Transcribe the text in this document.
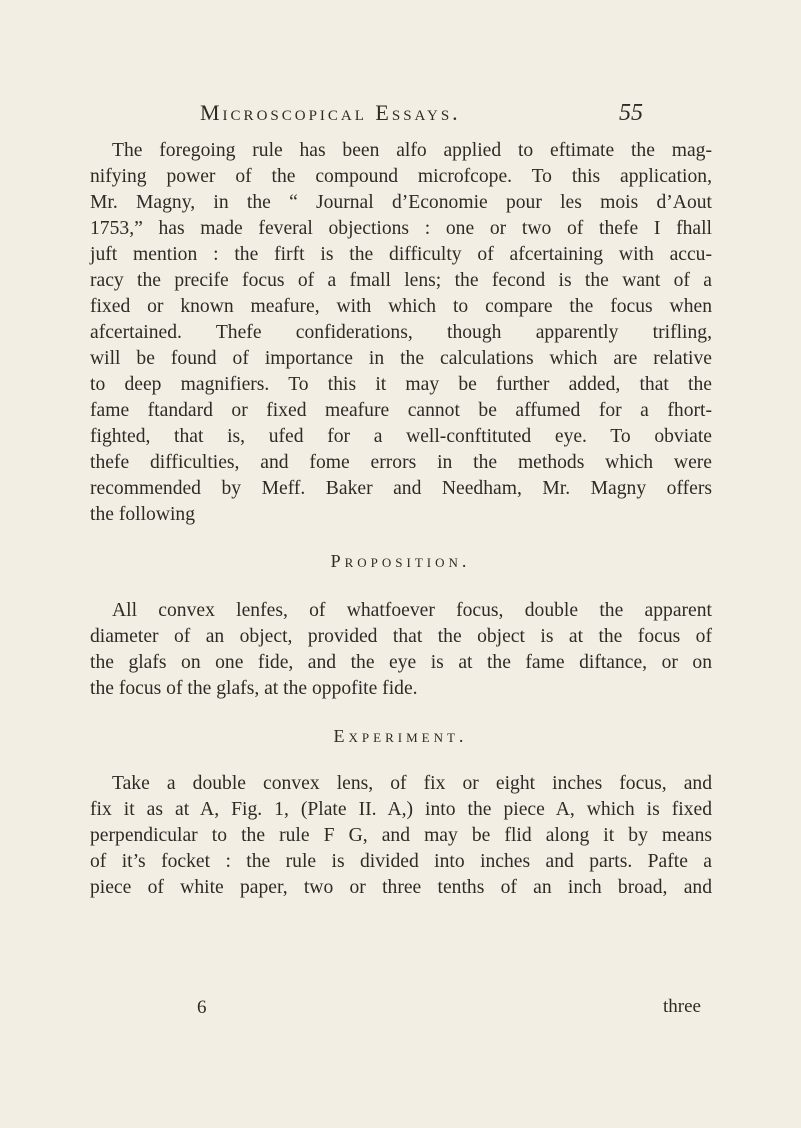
Microscopical Essays.	55
The foregoing rule has been alfo applied to eftimate the mag-
nifying power of the compound microfcope. To this application,
Mr. Magny, in the “ Journal d’Economie pour les mois d’Aout
1753,” has made feveral objections : one or two of thefe I fhall
juft mention : the firft is the difficulty of afcertaining with accu-
racy the precife focus of a fmall lens; the fecond is the want of a
fixed or known meafure, with which to compare the focus when
afcertained. Thefe confiderations, though apparently trifling,
will be found of importance in the calculations which are relative
to deep magnifiers. To this it may be further added, that the
fame ftandard or fixed meafure cannot be affumed for a fhort-
fighted, that is, ufed for a well-conftituted eye. To obviate
thefe difficulties, and fome errors in the methods which were
recommended by Meff. Baker and Needham, Mr. Magny offers
the following
Proposition.
All convex lenfes, of whatfoever focus, double the apparent
diameter of an object, provided that the object is at the focus of
the glafs on one fide, and the eye is at the fame diftance, or on
the focus of the glafs, at the oppofite fide.
Experiment.
Take a double convex lens, of fix or eight inches focus, and
fix it as at A, Fig. 1, (Plate II. A,) into the piece A, which is fixed
perpendicular to the rule F G, and may be flid along it by means
of it’s focket : the rule is divided into inches and parts. Pafte a
piece of white paper, two or three tenths of an inch broad, and
6	three
